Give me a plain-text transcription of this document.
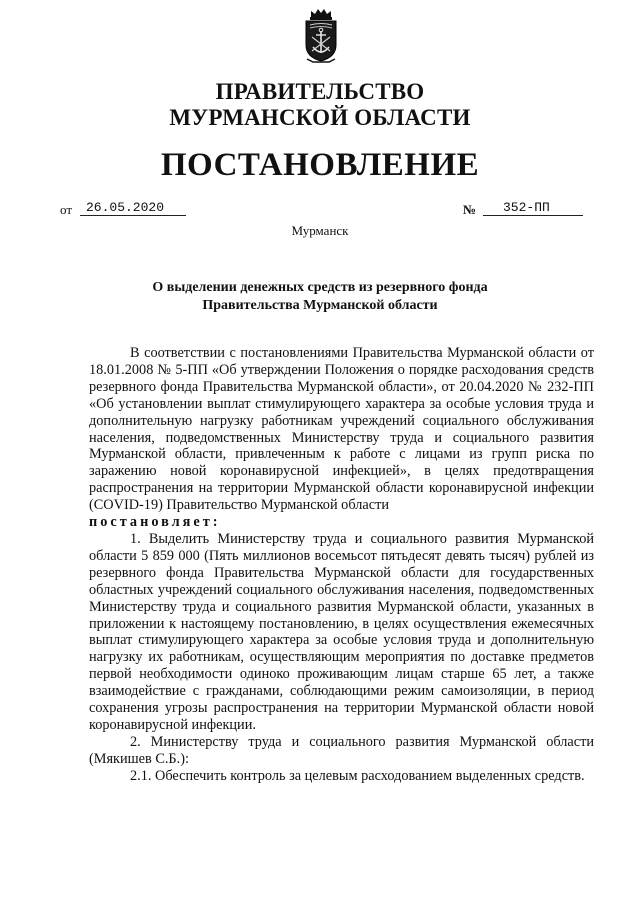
ПРАВИТЕЛЬСТВО
МУРМАНСКОЙ ОБЛАСТИ
ПОСТАНОВЛЕНИЕ
от	26.05.2020	№	352-ПП
Мурманск
О выделении денежных средств из резервного фонда Правительства Мурманской области

В соответствии с постановлениями Правительства Мурманской области от 18.01.2008 № 5-ПП «Об утверждении Положения о порядке расходования средств резервного фонда Правительства Мурманской области», от 20.04.2020 № 232-ПП «Об установлении выплат стимулирующего характера за особые условия труда и дополнительную нагрузку работникам учреждений социального обслуживания населения, подведомственных Министерству труда и социального развития Мурманской области, привлеченным к работе с лицами из групп риска по заражению новой коронавирусной инфекцией», в целях предотвращения распространения на территории Мурманской области коронавирусной инфекции (COVID-19) Правительство Мурманской области

постановляет:

1. Выделить Министерству труда и социального развития Мурманской области 5 859 000 (Пять миллионов восемьсот пятьдесят девять тысяч) рублей из резервного фонда Правительства Мурманской области для государственных областных учреждений социального обслуживания населения, подведомственных Министерству труда и социального развития Мурманской области, указанных в приложении к настоящему постановлению, в целях осуществления ежемесячных выплат стимулирующего характера за особые условия труда и дополнительную нагрузку их работникам, осуществляющим мероприятия по доставке предметов первой необходимости одиноко проживающим лицам старше 65 лет, а также взаимодействие с гражданами, соблюдающими режим самоизоляции, в период сохранения угрозы распространения на территории Мурманской области новой коронавирусной инфекции.

2. Министерству труда и социального развития Мурманской области (Мякишев С.Б.):

2.1. Обеспечить контроль за целевым расходованием выделенных средств.
